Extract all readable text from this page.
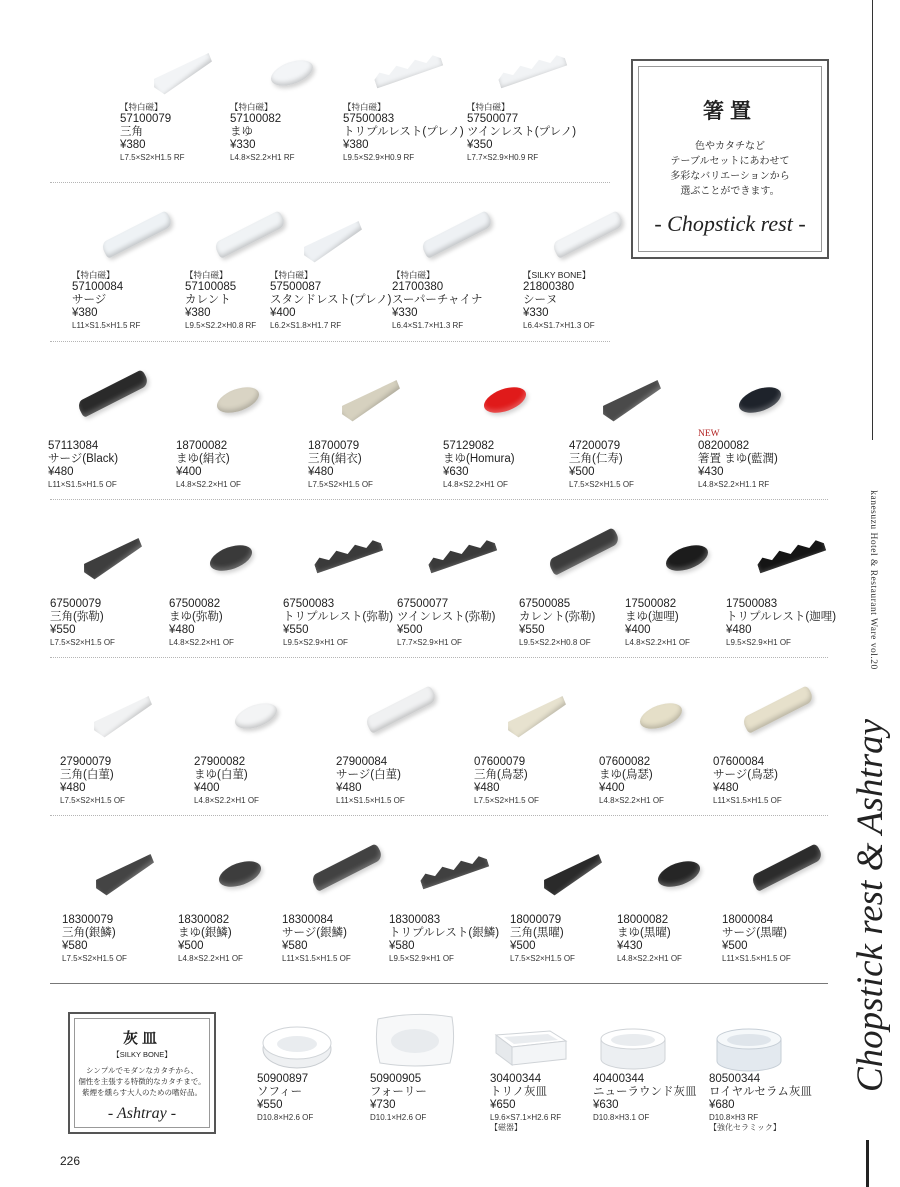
【特白磁】
57100079
三角
¥380
L7.5×S2×H1.5 RF
【特白磁】
57100082
まゆ
¥330
L4.8×S2.2×H1 RF
【特白磁】
57500083
トリプルレスト(プレノ)
¥380
L9.5×S2.9×H0.9 RF
【特白磁】
57500077
ツインレスト(プレノ)
¥350
L7.7×S2.9×H0.9 RF
【特白磁】
57100084
サージ
¥380
L11×S1.5×H1.5 RF
【特白磁】
57100085
カレント
¥380
L9.5×S2.2×H0.8 RF
【特白磁】
57500087
スタンドレスト(プレノ)
¥400
L6.2×S1.8×H1.7 RF
【特白磁】
21700380
スーパーチャイナ
¥330
L6.4×S1.7×H1.3 RF
【SILKY BONE】
21800380
シーヌ
¥330
L6.4×S1.7×H1.3 OF
57113084
サージ(Black)
¥480
L11×S1.5×H1.5 OF
18700082
まゆ(絹衣)
¥400
L4.8×S2.2×H1 OF
18700079
三角(絹衣)
¥480
L7.5×S2×H1.5 OF
57129082
まゆ(Homura)
¥630
L4.8×S2.2×H1 OF
47200079
三角(仁寿)
¥500
L7.5×S2×H1.5 OF
NEW
08200082
箸置 まゆ(藍潤)
¥430
L4.8×S2.2×H1.1 RF
67500079
三角(弥勒)
¥550
L7.5×S2×H1.5 OF
67500082
まゆ(弥勒)
¥480
L4.8×S2.2×H1 OF
67500083
トリプルレスト(弥勒)
¥550
L9.5×S2.9×H1 OF
67500077
ツインレスト(弥勒)
¥500
L7.7×S2.9×H1 OF
67500085
カレント(弥勒)
¥550
L9.5×S2.2×H0.8 OF
17500082
まゆ(迦哩)
¥400
L4.8×S2.2×H1 OF
17500083
トリプルレスト(迦哩)
¥480
L9.5×S2.9×H1 OF
27900079
三角(白菫)
¥480
L7.5×S2×H1.5 OF
27900082
まゆ(白菫)
¥400
L4.8×S2.2×H1 OF
27900084
サージ(白菫)
¥480
L11×S1.5×H1.5 OF
07600079
三角(鳥瑟)
¥480
L7.5×S2×H1.5 OF
07600082
まゆ(鳥瑟)
¥400
L4.8×S2.2×H1 OF
07600084
サージ(鳥瑟)
¥480
L11×S1.5×H1.5 OF
18300079
三角(銀鱗)
¥580
L7.5×S2×H1.5 OF
18300082
まゆ(銀鱗)
¥500
L4.8×S2.2×H1 OF
18300084
サージ(銀鱗)
¥580
L11×S1.5×H1.5 OF
18300083
トリプルレスト(銀鱗)
¥580
L9.5×S2.9×H1 OF
18000079
三角(黒曜)
¥500
L7.5×S2×H1.5 OF
18000082
まゆ(黒曜)
¥430
L4.8×S2.2×H1 OF
18000084
サージ(黒曜)
¥500
L11×S1.5×H1.5 OF
50900897
ソフィー
¥550
D10.8×H2.6 OF
50900905
フォーリー
¥730
D10.1×H2.6 OF
30400344
トリノ灰皿
¥650
L9.6×S7.1×H2.6 RF
【磁器】
40400344
ニューラウンド灰皿
¥630
D10.8×H3.1 OF
80500344
ロイヤルセラム灰皿
¥680
D10.8×H3 RF
【強化セラミック】
箸置
色やカタチなど
テーブルセットにあわせて
多彩なバリエーションから
選ぶことができます。
- Chopstick rest -
灰皿
【SILKY BONE】
シンプルでモダンなカタチから、
個性を主張する特徴的なカタチまで。
紫煙を燻らす大人のための嗜好品。
- Ashtray -
kanesuzu Hotel & Restaurant Ware vol.20
Chopstick rest & Ashtray
226
